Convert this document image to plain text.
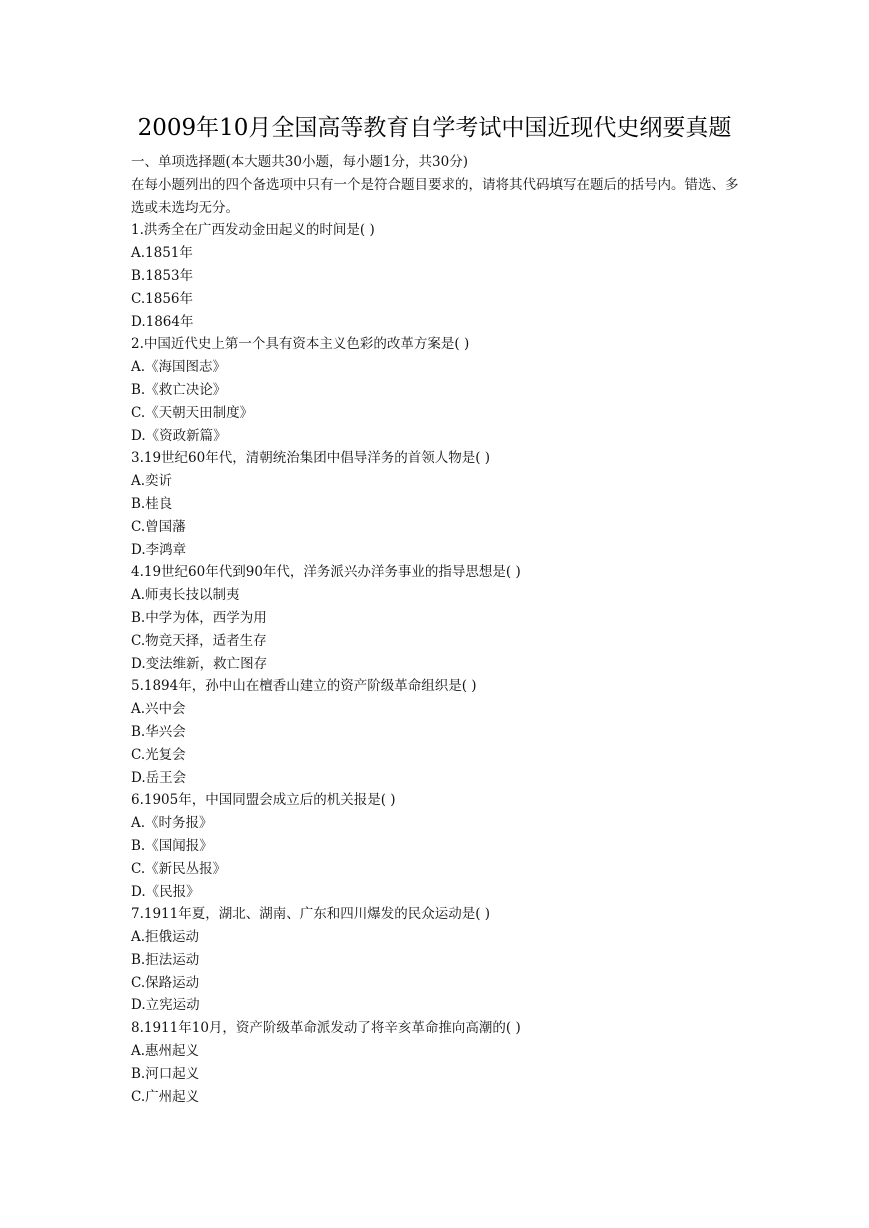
2009年10月全国高等教育自学考试中国近现代史纲要真题
一、单项选择题(本大题共30小题，每小题1分，共30分)
在每小题列出的四个备选项中只有一个是符合题目要求的，请将其代码填写在题后的括号内。错选、多选或未选均无分。
1.洪秀全在广西发动金田起义的时间是( )
A.1851年
B.1853年
C.1856年
D.1864年
2.中国近代史上第一个具有资本主义色彩的改革方案是( )
A.《海国图志》
B.《救亡决论》
C.《天朝天田制度》
D.《资政新篇》
3.19世纪60年代，清朝统治集团中倡导洋务的首领人物是( )
A.奕䜣
B.桂良
C.曾国藩
D.李鸿章
4.19世纪60年代到90年代，洋务派兴办洋务事业的指导思想是( )
A.师夷长技以制夷
B.中学为体，西学为用
C.物竞天择，适者生存
D.变法维新，救亡图存
5.1894年，孙中山在檀香山建立的资产阶级革命组织是( )
A.兴中会
B.华兴会
C.光复会
D.岳王会
6.1905年，中国同盟会成立后的机关报是( )
A.《时务报》
B.《国闻报》
C.《新民丛报》
D.《民报》
7.1911年夏，湖北、湖南、广东和四川爆发的民众运动是( )
A.拒俄运动
B.拒法运动
C.保路运动
D.立宪运动
8.1911年10月，资产阶级革命派发动了将辛亥革命推向高潮的( )
A.惠州起义
B.河口起义
C.广州起义
